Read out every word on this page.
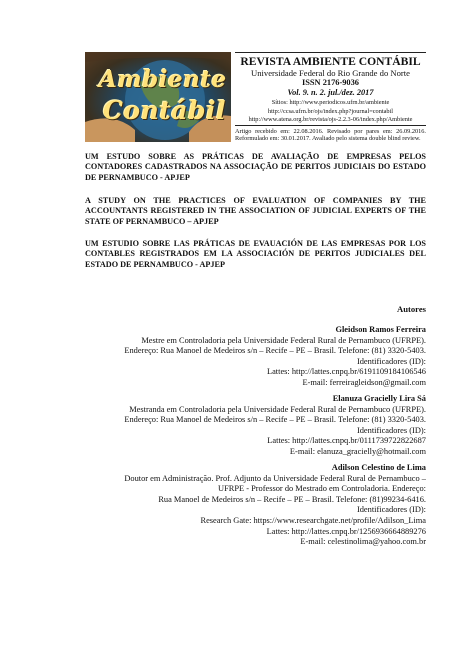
Ambiente
Contábil
REVISTA AMBIENTE CONTÁBIL
Universidade Federal do Rio Grande do Norte
ISSN 2176-9036
Vol. 9. n. 2. jul./dez. 2017
Sítios: http://www.periodicos.ufrn.br/ambiente
http://ccsa.ufrn.br/ojs/index.php?journal=contabil
http://www.atena.org.br/revista/ojs-2.2.3-06/index.php/Ambiente
Artigo recebido em: 22.08.2016. Revisado por pares em: 26.09.2016. Reformulado em: 30.01.2017. Avaliado pelo sistema double blind review.
UM ESTUDO SOBRE AS PRÁTICAS DE AVALIAÇÃO DE EMPRESAS PELOS CONTADORES CADASTRADOS NA ASSOCIAÇÃO DE PERITOS JUDICIAIS DO ESTADO DE PERNAMBUCO - APJEP
A STUDY ON THE PRACTICES OF EVALUATION OF COMPANIES BY THE ACCOUNTANTS REGISTERED IN THE ASSOCIATION OF JUDICIAL EXPERTS OF THE STATE OF PERNAMBUCO – APJEP
UM ESTUDIO SOBRE LAS PRÁTICAS DE EVAUACIÓN DE LAS EMPRESAS POR LOS CONTABLES REGISTRADOS EM LA ASSOCIACIÓN DE PERITOS JUDICIALES DEL ESTADO DE PERNAMBUCO - APJEP
Autores
Gleidson Ramos Ferreira
Mestre em Controladoria pela Universidade Federal Rural de Pernambuco (UFRPE).
Endereço: Rua Manoel de Medeiros s/n – Recife – PE – Brasil. Telefone: (81) 3320-5403.
Identificadores (ID):
Lattes: http://lattes.cnpq.br/6191109184106546
E-mail: ferreiragleidson@gmail.com
Elanuza Gracielly Lira Sá
Mestranda em Controladoria pela Universidade Federal Rural de Pernambuco (UFRPE).
Endereço: Rua Manoel de Medeiros s/n – Recife – PE – Brasil. Telefone: (81) 3320-5403.
Identificadores (ID):
Lattes: http://lattes.cnpq.br/0111739722822687
E-mail: elanuza_gracielly@hotmail.com
Adilson Celestino de Lima
Doutor em Administração. Prof. Adjunto da Universidade Federal Rural de Pernambuco –
UFRPE - Professor do Mestrado em Controladoria. Endereço:
Rua Manoel de Medeiros s/n – Recife – PE – Brasil. Telefone: (81)99234-6416.
Identificadores (ID):
Research Gate: https://www.researchgate.net/profile/Adilson_Lima
Lattes: http://lattes.cnpq.br/1256936664889276
E-mail: celestinolima@yahoo.com.br
